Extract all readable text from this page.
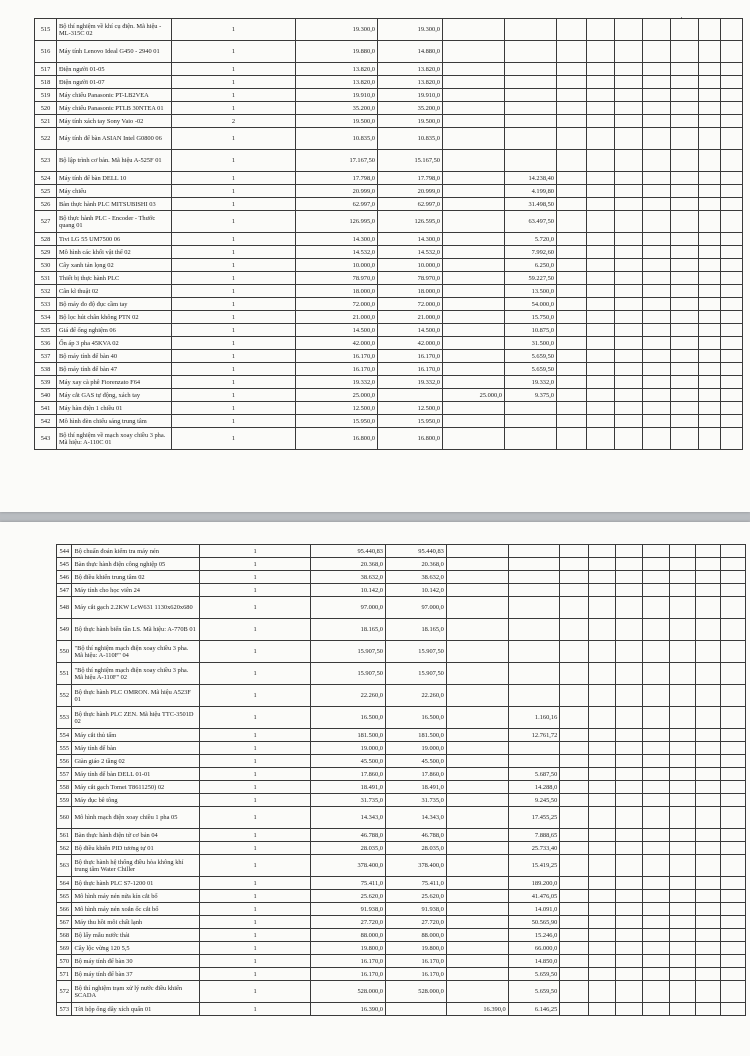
515	Bộ thí nghiệm về khí cụ điện. Mã hiệu - ML-315C 02	1	19.300,0	19.300,0									
516	Máy tính Lenovo Ideal G450 - 2940 01	1	19.880,0	14.880,0									
517	Điện người 01-05	1	13.820,0	13.820,0									
518	Điện người 01-07	1	13.820,0	13.820,0									
519	Máy chiếu Panasonic PT-LB2VEA	1	19.910,0	19.910,0									
520	Máy chiếu Panasonic PTLB 30NTEA 01	1	35.200,0	35.200,0									
521	Máy tính xách tay Sony Vaio -02	2	19.500,0	19.500,0									
522	Máy tính để bàn ASIAN Intel G0800 06	1	10.835,0	10.835,0									
523	Bộ lập trình cơ bản. Mã hiệu A-525F 01	1	17.167,50	15.167,50									
524	Máy tính để bàn DELL 10	1	17.798,0	17.798,0		14.238,40							
525	Máy chiếu	1	20.999,0	20.999,0		4.199,80							
526	Bàn thực hành PLC MITSUBISHI 03	1	62.997,0	62.997,0		31.498,50							
527	Bộ thực hành PLC - Encoder - Thước quang 01	1	126.995,0	126.595,0		63.497,50							
528	Tivi LG 55 UM7500 06	1	14.300,0	14.300,0		5.720,0							
529	Mô hình các khối vật thể 02	1	14.532,0	14.532,0		7.992,60							
530	Cây xanh tản lọng 02	1	10.000,0	10.000,0		6.250,0							
531	Thiết bị thực hành PLC	1	78.970,0	78.970,0		59.227,50							
532	Cân kĩ thuật 02	1	18.000,0	18.000,0		13.500,0							
533	Bộ máy đo độ đục cầm tay	1	72.000,0	72.000,0		54.000,0							
534	Bộ lọc hút chân không PTN 02	1	21.000,0	21.000,0		15.750,0							
535	Giá để ống nghiệm 06	1	14.500,0	14.500,0		10.875,0							
536	Ổn áp 3 pha 45KVA 02	1	42.000,0	42.000,0		31.500,0							
537	Bộ máy tính để bàn 40	1	16.170,0	16.170,0		5.659,50							
538	Bộ máy tính để bàn 47	1	16.170,0	16.170,0		5.659,50							
539	Máy xay cà phê Fiorenzato F64	1	19.332,0	19.332,0		19.332,0							
540	Máy cắt GAS tự động, xách tay	1	25.000,0		25.000,0	9.375,0							
541	Máy hàn điện 1 chiều 01	1	12.500,0	12.500,0									
542	Mô hình đèn chiếu sáng trung tâm	1	15.950,0	15.950,0									
543	Bộ thí nghiệm về mạch xoay chiều 3 pha. Mã hiệu: A-110C 01	1	16.800,0	16.800,0									
·
544	Bộ chuẩn đoán kiểm tra máy nén	1	95.440,83	95.440,83									
545	Bàn thực hành điện công nghiệp 05	1	20.368,0	20.368,0									
546	Bộ điều khiển trung tâm 02	1	38.632,0	38.632,0									
547	Máy tính cho học viên 24	1	10.142,0	10.142,0									
548	Máy cắt gạch 2.2KW LcW631 1130x620x680	1	97.000,0	97.000,0									
549	Bộ thực hành biến tần LS. Mã hiệu: A-770B 01	1	18.165,0	18.165,0									
550	"Bộ thí nghiệm mạch điện xoay chiều 3 pha. Mã hiệu: A-110F" 04	1	15.907,50	15.907,50									
551	"Bộ thí nghiệm mạch điện xoay chiều 3 pha. Mã hiệu A-110F" 02	1	15.907,50	15.907,50									
552	Bộ thực hành PLC OMRON. Mã hiệu A523F 01	1	22.260,0	22.260,0									
553	Bộ thực hành PLC ZEN. Mã hiệu TTC-3501D 02	1	16.500,0	16.500,0		1.160,16							
554	Máy cắt thủ tấm	1	181.500,0	181.500,0		12.761,72							
555	Máy tính để bàn	1	19.000,0	19.000,0									
556	Giàn giáo 2 tầng 02	1	45.500,0	45.500,0									
557	Máy tính để bàn DELL 01-01	1	17.860,0	17.860,0		5.687,50							
558	Máy cắt gạch Tomei T8611250) 02	1	18.491,0	18.491,0		14.288,0							
559	Máy đục bê tông	1	31.735,0	31.735,0		9.245,50							
560	Mô hình mạch điện xoay chiều 1 pha 05	1	14.343,0	14.343,0		17.455,25							
561	Bàn thực hành điện tử cơ bản 04	1	46.788,0	46.788,0		7.888,65							
562	Bộ điều khiển PID tương tự 01	1	28.035,0	28.035,0		25.733,40							
563	Bộ thực hành hệ thống điều hòa không khí trung tâm Water Chiller	1	378.400,0	378.400,0		15.419,25							
564	Bộ thực hành PLC S7-1200 01	1	75.411,0	75.411,0		189.200,0							
565	Mô hình máy nén nửa kín cắt bổ	1	25.620,0	25.620,0		41.476,05							
566	Mô hình máy nén xoắn ốc cắt bổ	1	91.938,0	91.938,0		14.091,0							
567	Máy thu hồi môi chất lạnh	1	27.720,0	27.720,0		50.565,90							
568	Bộ lấy mẫu nước thải	1	88.000,0	88.000,0		15.246,0							
569	Cây lộc vừng 120 5,5	1	19.800,0	19.800,0		66.000,0							
570	Bộ máy tính để bàn 30	1	16.170,0	16.170,0		14.850,0							
571	Bộ máy tính để bàn 37	1	16.170,0	16.170,0		5.659,50							
572	Bộ thí nghiệm trạm xử lý nước điều khiển SCADA	1	528.000,0	528.000,0		5.659,50							
573	Tời hộp ống dây xích quấn 01	1	16.390,0		16.390,0	6.146,25							
